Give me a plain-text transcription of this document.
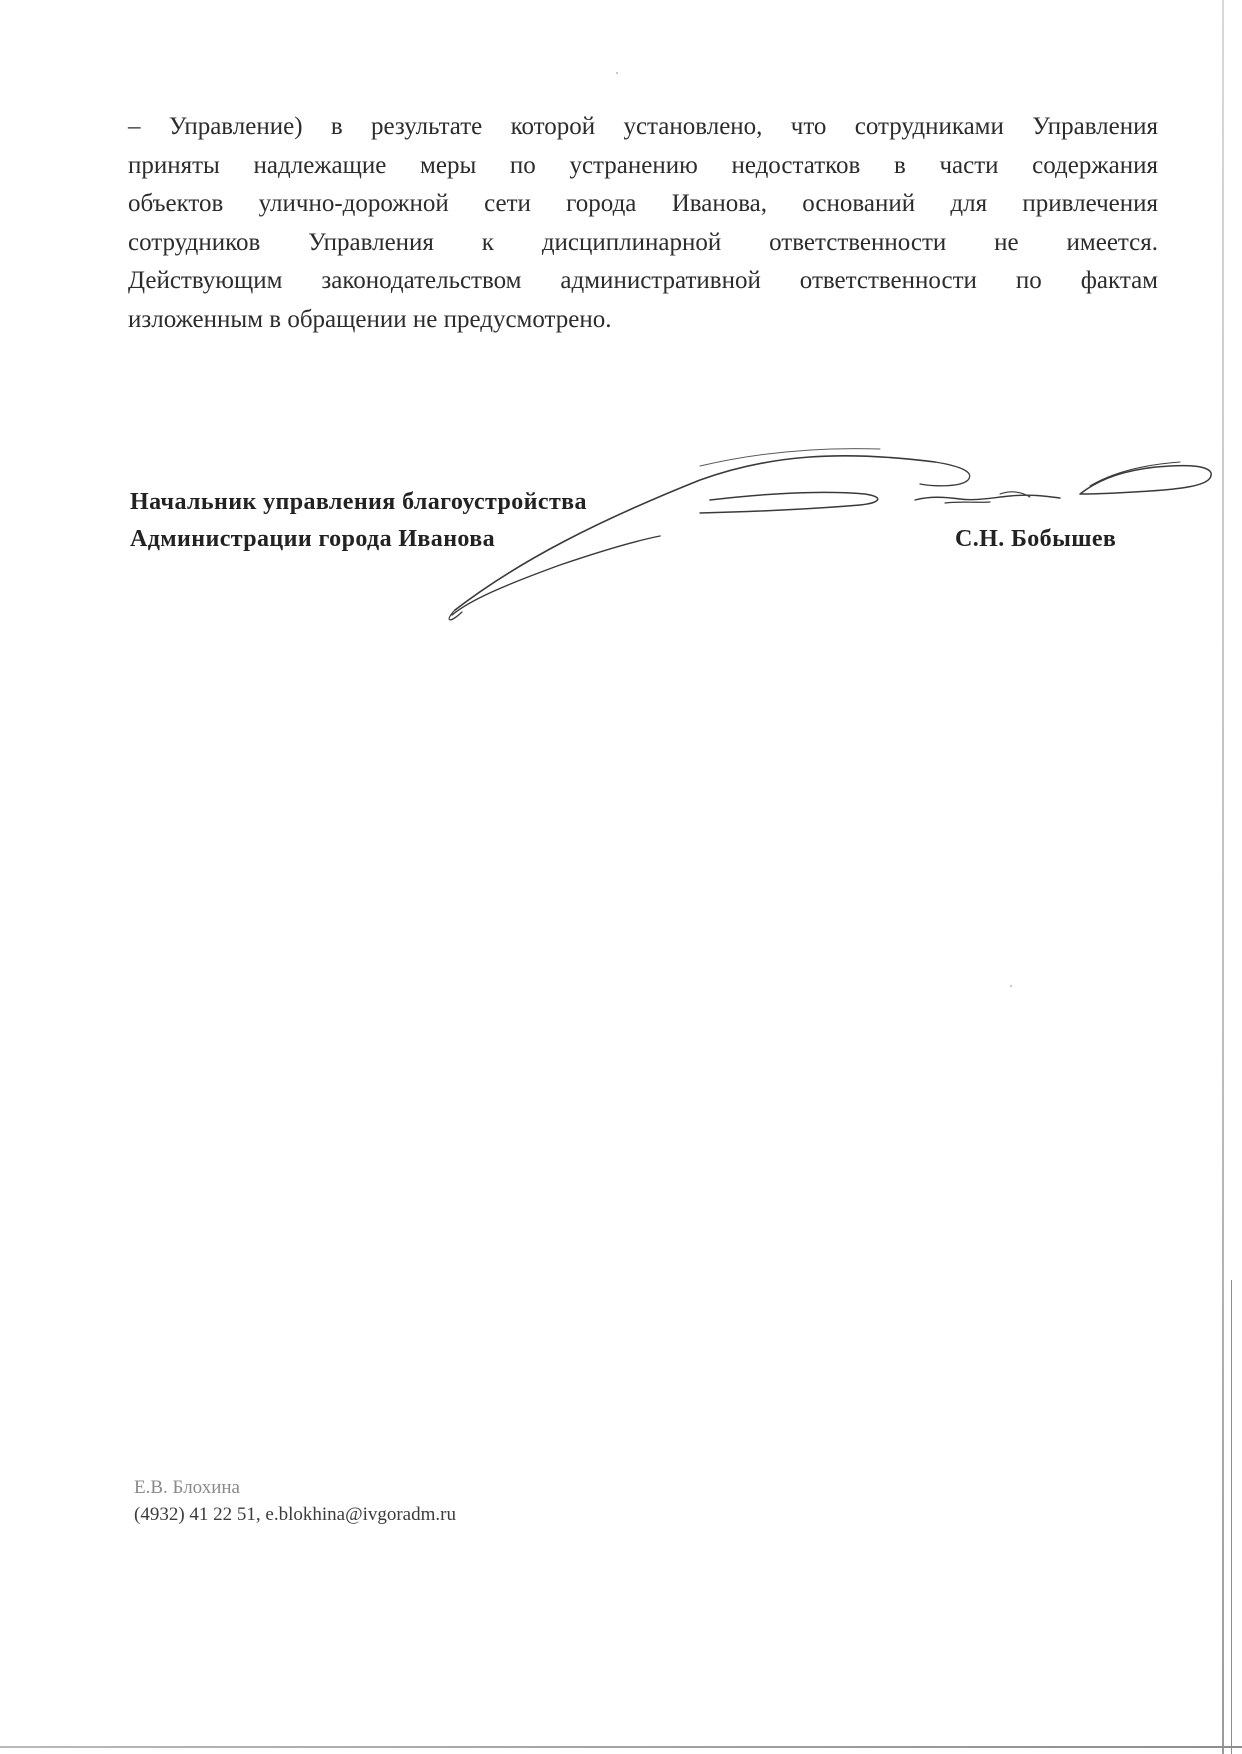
– Управление) в результате которой установлено, что сотрудниками Управления
приняты надлежащие меры по устранению недостатков в части содержания
объектов улично-дорожной сети города Иванова, оснований для привлечения
сотрудников Управления к дисциплинарной ответственности не имеется.
Действующим законодательством административной ответственности по фактам
изложенным в обращении не предусмотрено.
Начальник управления благоустройства
Администрации города Иванова	С.Н. Бобышев
Е.В. Блохина
(4932) 41 22 51, e.blokhina@ivgoradm.ru
